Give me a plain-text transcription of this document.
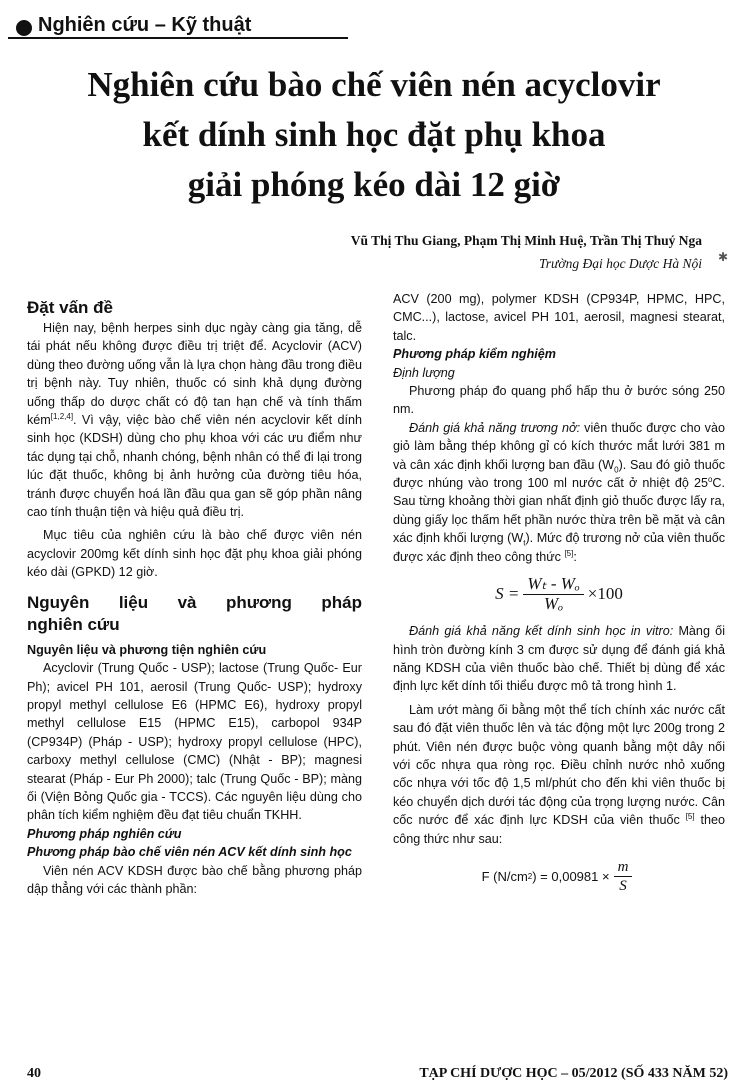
Nghiên cứu – Kỹ thuật
Nghiên cứu bào chế viên nén acyclovir
kết dính sinh học đặt phụ khoa
giải phóng kéo dài 12 giờ
Vũ Thị Thu Giang, Phạm Thị Minh Huệ, Trần Thị Thuý Nga
Trường Đại học Dược Hà Nội ✱
Đặt vấn đề

Hiện nay, bệnh herpes sinh dục ngày càng gia tăng, dễ tái phát nếu không được điều trị triệt để. Acyclovir (ACV) dùng theo đường uống vẫn là lựa chọn hàng đầu trong điều trị bệnh này. Tuy nhiên, thuốc có sinh khả dụng đường uống thấp do dược chất có độ tan hạn chế và tính thấm kém[1,2,4]. Vì vậy, việc bào chế viên nén acyclovir kết dính sinh học (KDSH) dùng cho phụ khoa với các ưu điểm như tác dụng tại chỗ, nhanh chóng, bệnh nhân có thể đi lại trong lúc đặt thuốc, không bị ảnh hưởng của đường tiêu hóa, tránh được chuyển hoá lần đầu qua gan sẽ góp phần nâng cao tính thuận tiện và hiệu quả điều trị.

Mục tiêu của nghiên cứu là bào chế được viên nén acyclovir 200mg kết dính sinh học đặt phụ khoa giải phóng kéo dài (GPKD) 12 giờ.

Nguyên liệu và phương pháp
nghiên cứu
Nguyên liệu và phương tiện nghiên cứu

Acyclovir (Trung Quốc - USP); lactose (Trung Quốc- Eur Ph); avicel PH 101, aerosil (Trung Quốc- USP); hydroxy propyl methyl cellulose E6 (HPMC E6), hydroxy propyl methyl cellulose E15 (HPMC E15), carbopol 934P (CP934P) (Pháp - USP); hydroxy propyl cellulose (HPC), carboxy methyl cellulose (CMC) (Nhật - BP); magnesi stearat (Pháp - Eur Ph 2000); talc (Trung Quốc - BP); màng ối (Viện Bỏng Quốc gia - TCCS). Các nguyên liệu dùng cho phân tích kiểm nghiệm đều đạt tiêu chuẩn TKHH.

Phương pháp nghiên cứu
Phương pháp bào chế viên nén ACV kết dính sinh học

Viên nén ACV KDSH được bào chế bằng phương pháp dập thẳng với các thành phần:

ACV (200 mg), polymer KDSH (CP934P, HPMC, HPC, CMC...), lactose, avicel PH 101, aerosil, magnesi stearat, talc.

Phương pháp kiểm nghiệm

Định lượng

Phương pháp đo quang phổ hấp thu ở bước sóng 250 nm.

Đánh giá khả năng trương nở: viên thuốc được cho vào giỏ làm bằng thép không gỉ có kích thước mắt lưới 381 m và cân xác định khối lượng ban đầu $(W_0)$. Sau đó giỏ thuốc được nhúng vào trong 100 ml nước cất ở nhiệt độ 25$^o$C. Sau từng khoảng thời gian nhất định giỏ thuốc được lấy ra, dùng giấy lọc thấm hết phần nước thừa trên bề mặt và cân xác định khối lượng $(W_t)$. Mức độ trương nở của viên thuốc được xác định theo công thức [5]:

$S = \frac{\text{Wₜ - Wₒ}}{\text{Wₒ}} \times 100$

Đánh giá khả năng kết dính sinh học in vitro: Màng ối hình tròn đường kính 3 cm được sử dụng để đánh giá khả năng KDSH của viên thuốc bào chế. Thiết bị dùng để xác định lực kết dính tối thiểu được mô tả trong hình 1.

Làm ướt màng ối bằng một thể tích chính xác nước cất sau đó đặt viên thuốc lên và tác động một lực 200g trong 2 phút. Viên nén được buộc vòng quanh bằng một dây nối với cốc nhựa qua ròng rọc. Điều chỉnh nước nhỏ xuống cốc nhựa với tốc độ 1,5 ml/phút cho đến khi viên thuốc bị kéo chuyển dịch dưới tác động của trọng lượng nước. Cân cốc nước để xác định lực KDSH của viên thuốc [5] theo công thức như sau:

F (N/cm 2 ) = $0,00981 \times \frac{m}{S}$
40	TẠP CHÍ DƯỢC HỌC – 05/2012 (SỐ 433 NĂM 52)
